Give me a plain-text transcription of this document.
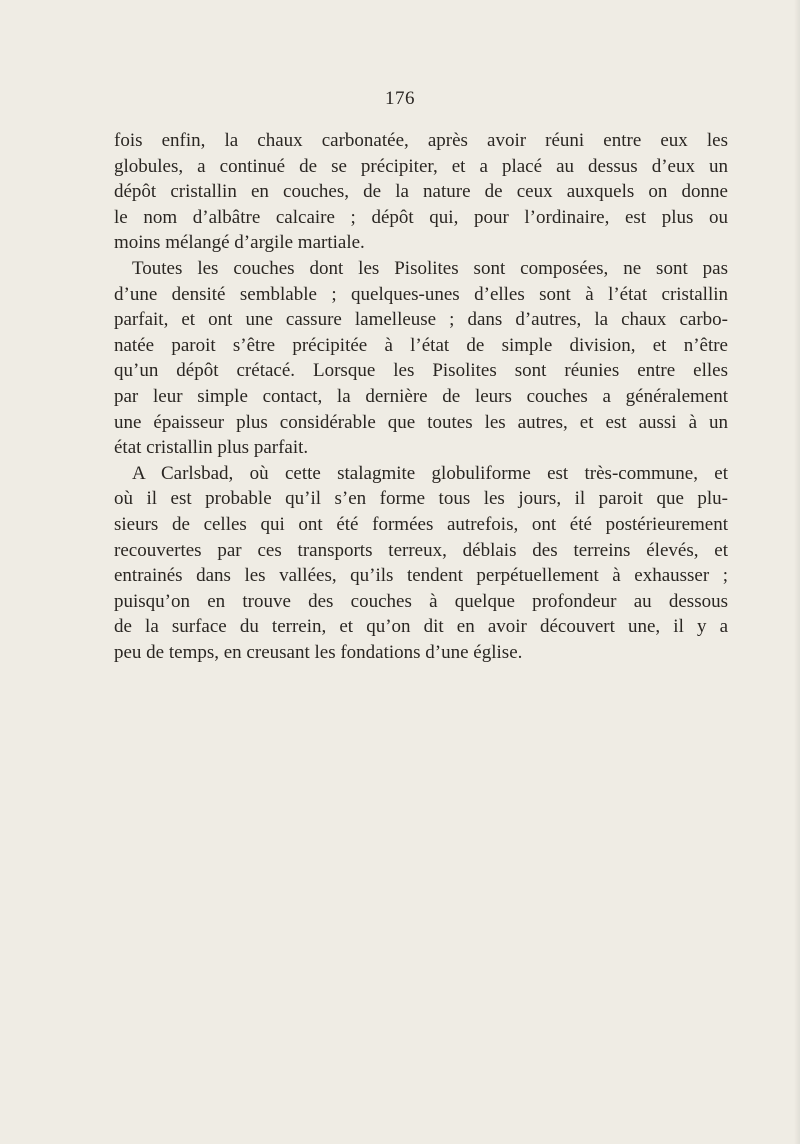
176
fois enfin, la chaux carbonatée, après avoir réuni entre eux les
globules, a continué de se précipiter, et a placé au dessus d’eux un
dépôt cristallin en couches, de la nature de ceux auxquels on donne
le nom d’albâtre calcaire ; dépôt qui, pour l’ordinaire, est plus ou
moins mélangé d’argile martiale.
Toutes les couches dont les Pisolites sont composées, ne sont pas
d’une densité semblable ; quelques-unes d’elles sont à l’état cristallin
parfait, et ont une cassure lamelleuse ; dans d’autres, la chaux carbo-
natée paroit s’être précipitée à l’état de simple division, et n’être
qu’un dépôt crétacé. Lorsque les Pisolites sont réunies entre elles
par leur simple contact, la dernière de leurs couches a généralement
une épaisseur plus considérable que toutes les autres, et est aussi à un
état cristallin plus parfait.
A Carlsbad, où cette stalagmite globuliforme est très-commune, et
où il est probable qu’il s’en forme tous les jours, il paroit que plu-
sieurs de celles qui ont été formées autrefois, ont été postérieurement
recouvertes par ces transports terreux, déblais des terreins élevés, et
entrainés dans les vallées, qu’ils tendent perpétuellement à exhausser ;
puisqu’on en trouve des couches à quelque profondeur au dessous
de la surface du terrein, et qu’on dit en avoir découvert une, il y a
peu de temps, en creusant les fondations d’une église.
